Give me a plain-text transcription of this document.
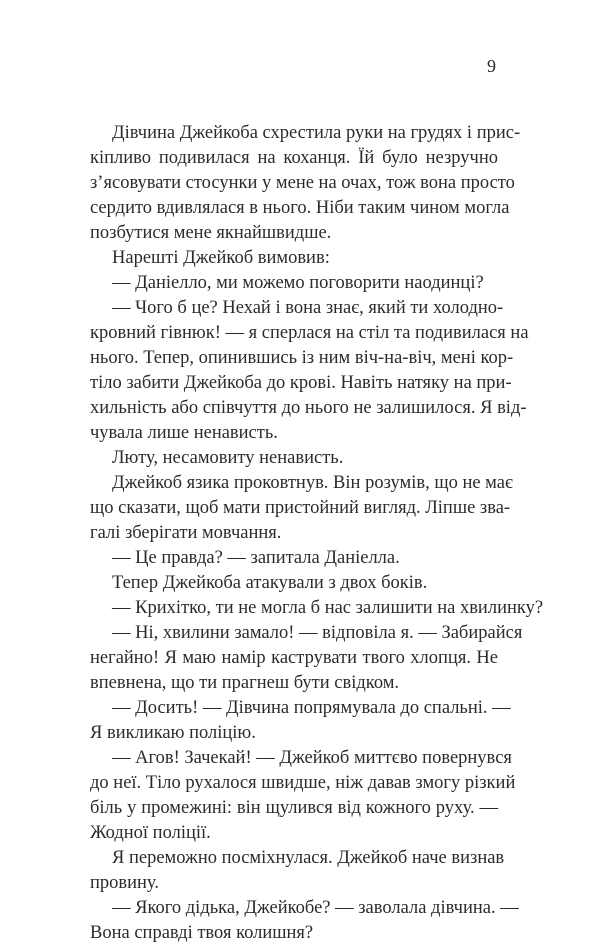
9

Дівчина Джейкоба схрестила руки на грудях і прис-
кіпливо подивилася на коханця. Їй було незручно
з’ясовувати стосунки у мене на очах, тож вона просто
сердито вдивлялася в нього. Ніби таким чином могла
позбутися мене якнайшвидше.

Нарешті Джейкоб вимовив:

— Даніелло, ми можемо поговорити наодинці?

— Чого б це? Нехай і вона знає, який ти холодно-
кровний гівнюк! — я сперлася на стіл та подивилася на
нього. Тепер, опинившись із ним віч-на-віч, мені кор-
тіло забити Джейкоба до крові. Навіть натяку на при-
хильність або співчуття до нього не залишилося. Я від-
чувала лише ненависть.

Люту, несамовиту ненависть.

Джейкоб язика проковтнув. Він розумів, що не має
що сказати, щоб мати пристойний вигляд. Ліпше зва-
галі зберігати мовчання.

— Це правда? — запитала Даніелла.

Тепер Джейкоба атакували з двох боків.

— Крихітко, ти не могла б нас залишити на хвилинку?

— Ні, хвилини замало! — відповіла я. — Забирайся
негайно! Я маю намір каструвати твого хлопця. Не
впевнена, що ти прагнеш бути свідком.

— Досить! — Дівчина попрямувала до спальні. —
Я викликаю поліцію.

— Агов! Зачекай! — Джейкоб миттєво повернувся
до неї. Тіло рухалося швидше, ніж давав змогу різкий
біль у промежині: він щулився від кожного руху. —
Жодної поліції.

Я переможно посміхнулася. Джейкоб наче визнав
провину.

— Якого дідька, Джейкобе? — заволала дівчина. —
Вона справді твоя колишня?
